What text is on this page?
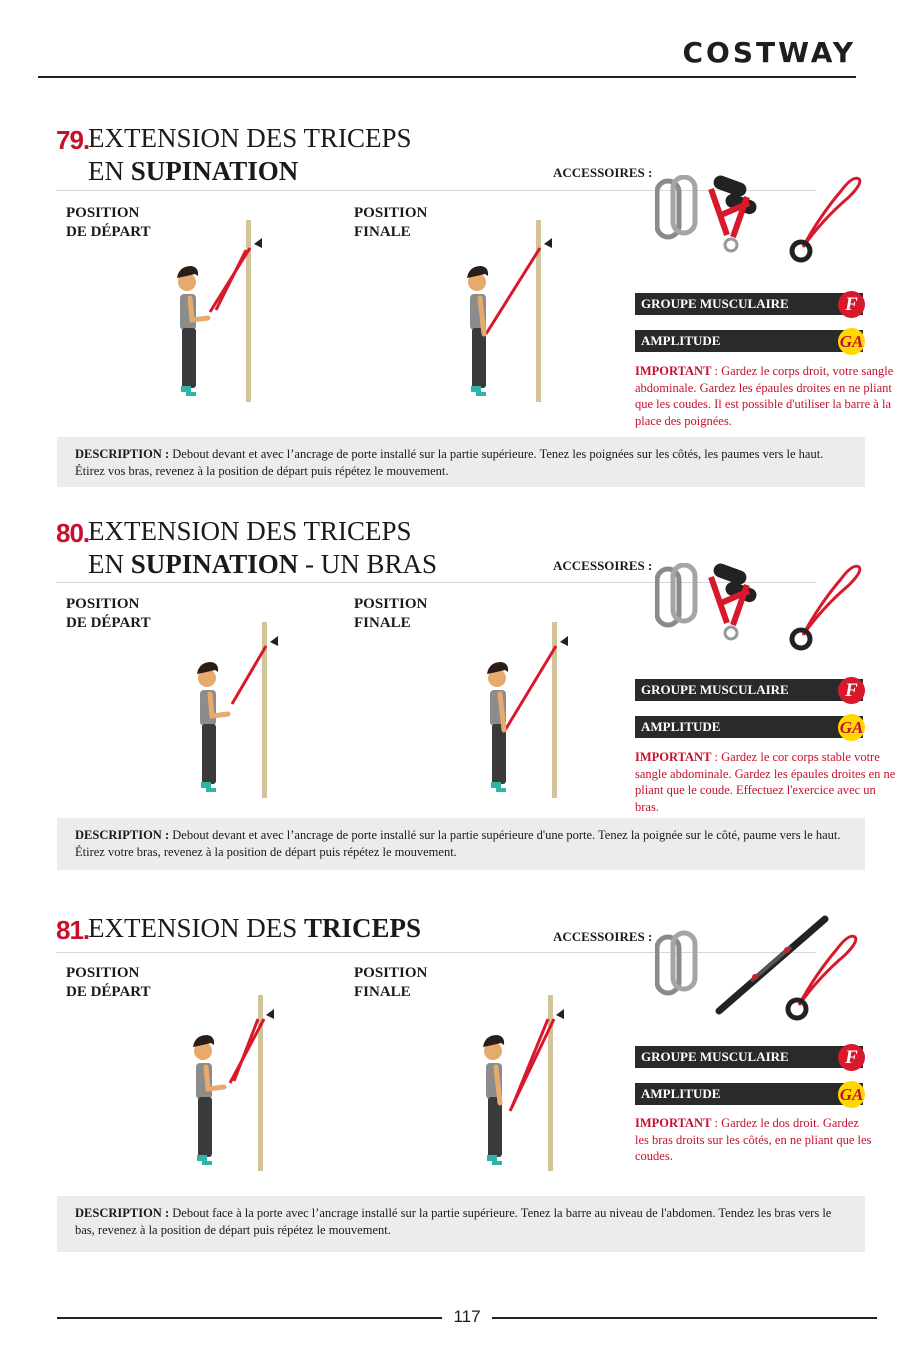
COSTWAY
79.
EXTENSION DES TRICEPS
EN SUPINATION	ACCESSOIRES :
POSITION
DE DÉPART
POSITION
FINALE
GROUPE MUSCULAIRE	F
AMPLITUDE	GA
IMPORTANT : Gardez le corps droit, votre sangle abdominale. Gardez les épaules droites en ne pliant que les coudes. Il est possible d'utiliser la barre à la place des poignées.
DESCRIPTION : Debout devant et avec l’ancrage de porte installé sur la partie supérieure. Tenez les poignées sur les côtés, les paumes vers le haut. Étirez vos bras, revenez à la position de départ puis répétez le mouvement.
80.
EXTENSION DES TRICEPS
EN SUPINATION - UN BRAS	ACCESSOIRES :
POSITION
DE DÉPART
POSITION
FINALE
GROUPE MUSCULAIRE	F
AMPLITUDE	GA
IMPORTANT : Gardez le cor corps stable votre sangle abdominale. Gardez les épaules droites en ne pliant que le coude. Effectuez l'exercice avec un bras.
DESCRIPTION : Debout devant et avec l’ancrage de porte installé sur la partie supérieure d'une porte. Tenez la poignée sur le côté, paume vers le haut. Étirez votre bras, revenez à la position de départ puis répétez le mouvement.
81.
EXTENSION DES TRICEPS	ACCESSOIRES :
POSITION
DE DÉPART
POSITION
FINALE
GROUPE MUSCULAIRE	F
AMPLITUDE	GA
IMPORTANT : Gardez le dos droit. Gardez les bras droits sur les côtés, en ne pliant que les coudes.
DESCRIPTION : Debout face à la porte avec l’ancrage installé sur la partie supérieure. Tenez la barre au niveau de l'abdomen. Tendez les bras vers le bas, revenez à la position de départ puis répétez le mouvement.
117
